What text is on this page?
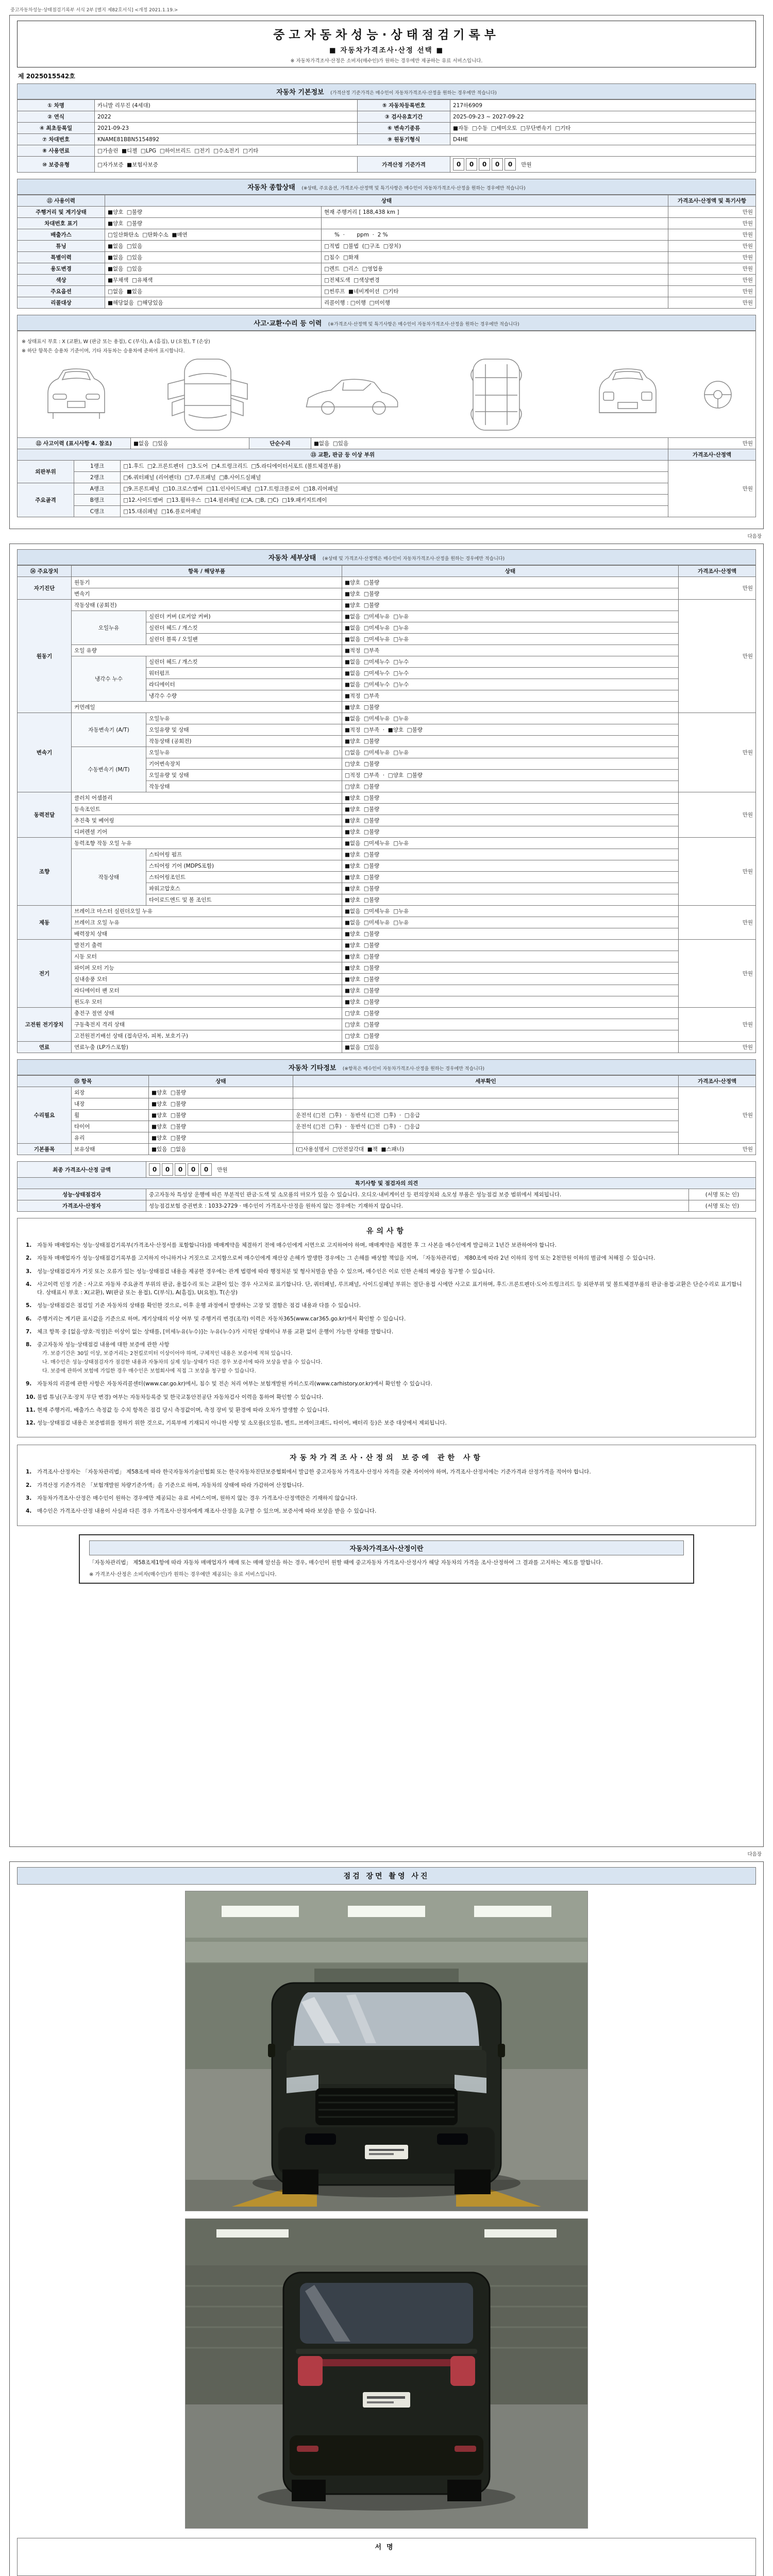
중고자동차성능·상태점검기록부 서식 2부 [별지 제82호서식] <개정 2021.1.19.>
중고자동차성능·상태점검기록부
■ 자동차가격조사·산정 선택 ■
※ 자동차가격조사·산정은 소비자(매수인)가 원하는 경우에만 제공하는 유료 서비스입니다.
제 2025015542호
자동차 기본정보 (가격산정 기준가격은 매수인이 자동차가격조사·산정을 원하는 경우에만 적습니다)
① 차명	카니발 리무진 (4세대)	⑤ 자동차등록번호	217하6909
② 연식	2022	③ 검사유효기간	2025-09-23 ~ 2027-09-22
④ 최초등록일	2021-09-23	⑥ 변속기종류	■자동  □수동  □세미오토  □무단변속기  □기타
⑦ 차대번호	KNAME81BBN5154892	⑨ 원동기형식	D4HE
⑧ 사용연료	□가솔린  ■디젤  □LPG  □하이브리드  □전기  □수소전기  □기타		
⑩ 보증유형	□자가보증  ■보험사보증	가격산정 기준가격	0 0 0 0 0 만원
자동차 종합상태 (※상태, 주요옵션, 가격조사·산정액 및 특기사항은 매수인이 자동차가격조사·산정을 원하는 경우에만 적습니다)
⑪ 사용이력	상태		가격조사·산정액 및 특기사항
주행거리 및 계기상태	■양호  □불량	현재 주행거리 [ 188,438 km ]	만원
차대번호 표기	■양호  □불량		만원
배출가스	□일산화탄소  □탄화수소  ■매연	%  ·       ppm  ·  2 %	만원
튜닝	■없음  □있음	□적법  □불법  (□구조  □장치)	만원
특별이력	■없음  □있음	□침수  □화재	만원
용도변경	■없음  □있음	□렌트  □리스  □영업용	만원
색상	■무채색  □유채색	□전체도색  □색상변경	만원
주요옵션	□없음  ■있음	□썬루프  ■네비게이션  □기타	만원
리콜대상	■해당없음  □해당있음	리콜이행 : □이행  □미이행	만원
사고·교환·수리 등 이력 (※가격조사·산정액 및 특기사항은 매수인이 자동차가격조사·산정을 원하는 경우에만 적습니다)
※ 상태표시 부호 : X (교환), W (판금 또는 용접), C (부식), A (흠집), U (요철), T (손상)
※ 하단 항목은 승용차 기준이며, 기타 자동차는 승용차에 준하여 표시합니다.
⑫ 사고이력 (표시사항 4. 참조)	■없음  □있음	단순수리	■없음  □있음	만원
⑬ 교환, 판금 등 이상 부위			가격조사·산정액
외판부위	1랭크	□1.후드  □2.프론트펜더  □3.도어  □4.트렁크리드  □5.라디에이터서포트 (볼트체결부품)	만원
	2랭크	□6.쿼터패널 (리어펜더)  □7.루프패널  □8.사이드실패널	
주요골격	A랭크	□9.프론트패널  □10.크로스멤버  □11.인사이드패널  □17.트렁크플로어  □18.리어패널	
	B랭크	□12.사이드멤버  □13.휠하우스  □14.필러패널 (□A, □B, □C)  □19.패키지트레이	
	C랭크	□15.대쉬패널  □16.플로어패널	
다음장
자동차 세부상태 (※상태 및 가격조사·산정액은 매수인이 자동차가격조사·산정을 원하는 경우에만 적습니다)
⑭ 주요장치	항목 / 해당부품		상태	가격조사·산정액
자기진단	원동기		■양호  □불량	만원
	변속기		■양호  □불량	
원동기	작동상태 (공회전)		■양호  □불량	만원
	오일누유	실린더 커버 (로커암 커버)	■없음  □미세누유  □누유	
		실린더 헤드 / 개스킷	■없음  □미세누유  □누유	
		실린더 블록 / 오일팬	■없음  □미세누유  □누유	
	오일 유량		■적정  □부족	
	냉각수 누수	실린더 헤드 / 개스킷	■없음  □미세누수  □누수	
		워터펌프	■없음  □미세누수  □누수	
		라디에이터	■없음  □미세누수  □누수	
		냉각수 수량	■적정  □부족	
	커먼레일		■양호  □불량	
변속기	자동변속기 (A/T)	오일누유	■없음  □미세누유  □누유	만원
		오일유량 및 상태	■적정  □부족  ·  ■양호  □불량	
		작동상태 (공회전)	■양호  □불량	
	수동변속기 (M/T)	오일누유	□없음  □미세누유  □누유	
		기어변속장치	□양호  □불량	
		오일유량 및 상태	□적정  □부족  ·  □양호  □불량	
		작동상태	□양호  □불량	
동력전달	클러치 어셈블리		■양호  □불량	만원
	등속조인트		■양호  □불량	
	추진축 및 베어링		■양호  □불량	
	디퍼렌셜 기어		■양호  □불량	
조향	동력조향 작동 오일 누유		■없음  □미세누유  □누유	만원
	작동상태	스티어링 펌프	■양호  □불량	
		스티어링 기어 (MDPS포함)	■양호  □불량	
		스티어링조인트	■양호  □불량	
		파워고압호스	■양호  □불량	
		타이로드엔드 및 볼 조인트	■양호  □불량	
제동	브레이크 마스터 실린더오일 누유		■없음  □미세누유  □누유	만원
	브레이크 오일 누유		■없음  □미세누유  □누유	
	배력장치 상태		■양호  □불량	
전기	발전기 출력		■양호  □불량	만원
	시동 모터		■양호  □불량	
	와이퍼 모터 기능		■양호  □불량	
	실내송풍 모터		■양호  □불량	
	라디에이터 팬 모터		■양호  □불량	
	윈도우 모터		■양호  □불량	
고전원 전기장치	충전구 절연 상태		□양호  □불량	만원
	구동축전지 격리 상태		□양호  □불량	
	고전원전기배선 상태 (접속단자, 피복, 보호기구)		□양호  □불량	
연료	연료누출 (LP가스포함)		■없음  □있음	만원
자동차 기타정보 (※항목은 매수인이 자동차가격조사·산정을 원하는 경우에만 적습니다)
⑮ 항목		상태	세부확인	가격조사·산정액
수리필요	외장	■양호  □불량		만원
	내장	■양호  □불량		
	휠	■양호  □불량	운전석 (□전  □후)  ·  동반석 (□전  □후)  ·  □응급	
	타이어	■양호  □불량	운전석 (□전  □후)  ·  동반석 (□전  □후)  ·  □응급	
	유리	■양호  □불량		
기본품목	보유상태	■있음  □없음	(□사용설명서  □안전삼각대  ■잭  ■스패너)	만원
최종 가격조사·산정 금액	0 0 0 0 0 만원
특기사항 및 점검자의 의견		
성능·상태점검자	중고자동차 특성상 운행에 따른 부분적인 판금·도색 및 소모품의 마모가 있을 수 있습니다. 오디오·내비게이션 등 편의장치와 소모성 부품은 성능점검 보증 범위에서 제외됩니다.	(서명 또는 인)
가격조사·산정자	성능점검보험 증권번호 : 1033-2729 · 매수인이 가격조사·산정을 원하지 않는 경우에는 기재하지 않습니다.	(서명 또는 인)
유의사항
1.	자동차 매매업자는 성능·상태점검기록부(가격조사·산정서를 포함합니다)를 매매계약을 체결하기 전에 매수인에게 서면으로 고지하여야 하며, 매매계약을 체결한 후 그 사본을 매수인에게 발급하고 1년간 보관하여야 합니다.
2.	자동차 매매업자가 성능·상태점검기록부를 고지하지 아니하거나 거짓으로 고지함으로써 매수인에게 재산상 손해가 발생한 경우에는 그 손해를 배상할 책임을 지며, 「자동차관리법」 제80조에 따라 2년 이하의 징역 또는 2천만원 이하의 벌금에 처해질 수 있습니다.
3.	성능·상태점검자가 거짓 또는 오류가 있는 성능·상태점검 내용을 제공한 경우에는 관계 법령에 따라 행정처분 및 형사처벌을 받을 수 있으며, 매수인은 이로 인한 손해의 배상을 청구할 수 있습니다.
4.	사고이력 인정 기준 : 사고로 자동차 주요골격 부위의 판금, 용접수리 또는 교환이 있는 경우 사고차로 표기합니다. 단, 쿼터패널, 루프패널, 사이드실패널 부위는 절단·용접 시에만 사고로 표기하며, 후드·프론트펜더·도어·트렁크리드 등 외판부위 및 볼트체결부품의 판금·용접·교환은 단순수리로 표기합니다. 상태표시 부호 : X(교환), W(판금 또는 용접), C(부식), A(흠집), U(요철), T(손상)
5.	성능·상태점검은 점검일 기준 자동차의 상태를 확인한 것으로, 이후 운행 과정에서 발생하는 고장 및 결함은 점검 내용과 다를 수 있습니다.
6.	주행거리는 계기판 표시값을 기준으로 하며, 계기상태의 이상 여부 및 주행거리 변경(조작) 이력은 자동차365(www.car365.go.kr)에서 확인할 수 있습니다.
7.	체크 항목 중 [없음·양호·적정]은 이상이 없는 상태를, [미세누유(누수)]는 누유(누수)가 시작된 상태이나 부품 교환 없이 운행이 가능한 상태를 말합니다.
8.	중고자동차 성능·상태점검 내용에 대한 보증에 관한 사항
가. 보증기간은 30일 이상, 보증거리는 2천킬로미터 이상이어야 하며, 구체적인 내용은 보증서에 적혀 있습니다.
나. 매수인은 성능·상태점검자가 점검한 내용과 자동차의 실제 성능·상태가 다른 경우 보증서에 따라 보상을 받을 수 있습니다.
다. 보증에 관하여 보험에 가입한 경우 매수인은 보험회사에 직접 그 보상을 청구할 수 있습니다.
9.	자동차의 리콜에 관한 사항은 자동차리콜센터(www.car.go.kr)에서, 침수 및 전손 처리 여부는 보험개발원 카히스토리(www.carhistory.or.kr)에서 확인할 수 있습니다.
10. 불법 튜닝(구조·장치 무단 변경) 여부는 자동차등록증 및 한국교통안전공단 자동차검사 이력을 통하여 확인할 수 있습니다.
11. 현재 주행거리, 배출가스 측정값 등 수치 항목은 점검 당시 측정값이며, 측정 장비 및 환경에 따라 오차가 발생할 수 있습니다.
12. 성능·상태점검 내용은 보증범위를 정하기 위한 것으로, 기록부에 기재되지 아니한 사항 및 소모품(오일류, 벨트, 브레이크패드, 타이어, 배터리 등)은 보증 대상에서 제외됩니다.
자동차가격조사·산정의 보증에 관한 사항
1.	가격조사·산정자는 「자동차관리법」 제58조에 따라 한국자동차기술인협회 또는 한국자동차진단보증협회에서 발급한 중고자동차 가격조사·산정사 자격을 갖춘 자이어야 하며, 가격조사·산정서에는 기준가격과 산정가격을 적어야 합니다.
2.	가격산정 기준가격은 「보험개발원 차량기준가액」을 기준으로 하며, 자동차의 상태에 따라 가감하여 산정합니다.
3.	자동차가격조사·산정은 매수인이 원하는 경우에만 제공되는 유료 서비스이며, 원하지 않는 경우 가격조사·산정액란은 기재하지 않습니다.
4.	매수인은 가격조사·산정 내용이 사실과 다른 경우 가격조사·산정자에게 재조사·산정을 요구할 수 있으며, 보증서에 따라 보상을 받을 수 있습니다.
자동차가격조사·산정이란
「자동차관리법」 제58조제1항에 따라 자동차 매매업자가 매매 또는 매매 알선을 하는 경우, 매수인이 원할 때에 중고자동차 가격조사·산정사가 해당 자동차의 가격을 조사·산정하여 그 결과를 고지하는 제도를 말합니다.
※ 가격조사·산정은 소비자(매수인)가 원하는 경우에만 제공되는 유료 서비스입니다.
다음장
점검 장면 촬영 사진
서명
